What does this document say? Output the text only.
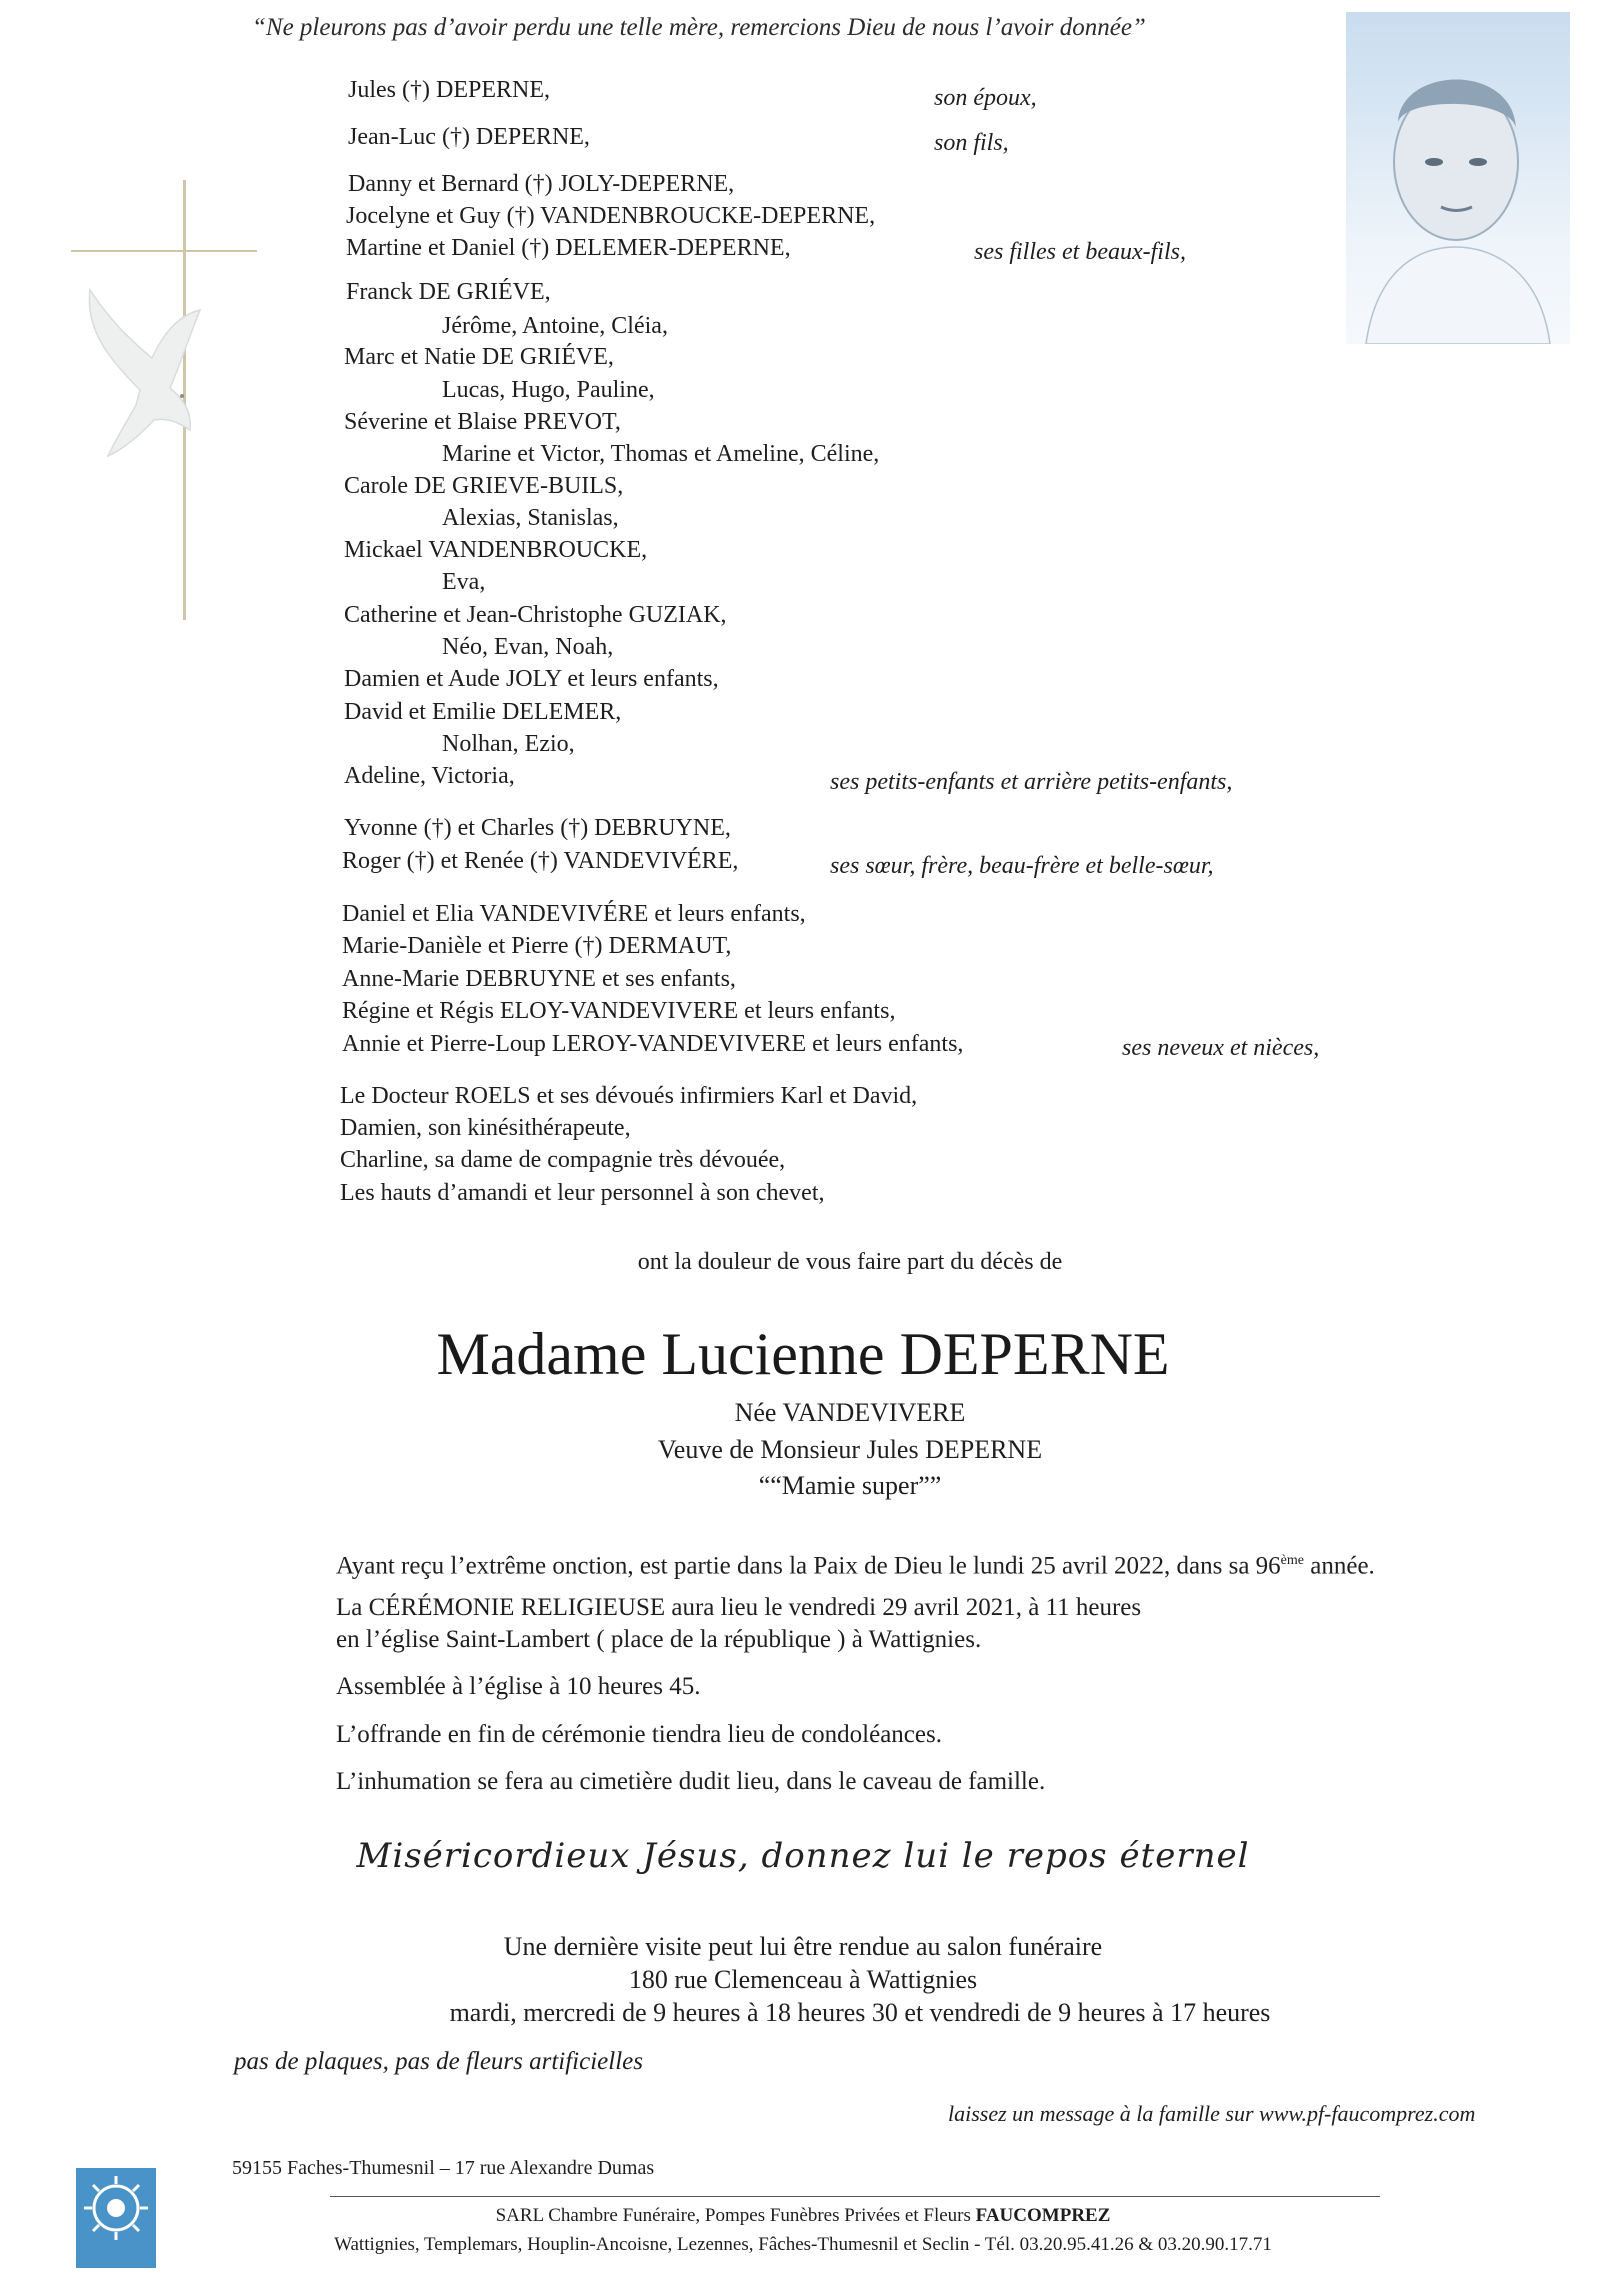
“Ne pleurons pas d’avoir perdu une telle mère, remercions Dieu de nous l’avoir donnée”
Jules (†) DEPERNE,	son époux,
Jean-Luc (†) DEPERNE,	son fils,
Danny et Bernard (†) JOLY-DEPERNE,
Jocelyne et Guy (†) VANDENBROUCKE-DEPERNE,
Martine et Daniel (†) DELEMER-DEPERNE,	ses filles et beaux-fils,
Franck DE GRIÉVE,
Jérôme, Antoine, Cléia,
Marc et Natie DE GRIÉVE,
Lucas, Hugo, Pauline,
Séverine et Blaise PREVOT,
Marine et Victor, Thomas et Ameline, Céline,
Carole DE GRIEVE-BUILS,
Alexias, Stanislas,
Mickael VANDENBROUCKE,
Eva,
Catherine et Jean-Christophe GUZIAK,
Néo, Evan, Noah,
Damien et Aude JOLY et leurs enfants,
David et Emilie DELEMER,
Nolhan, Ezio,
Adeline, Victoria,	ses petits-enfants et arrière petits-enfants,
Yvonne (†) et Charles (†) DEBRUYNE,
Roger (†) et Renée (†) VANDEVIVÉRE,	ses sœur, frère, beau-frère et belle-sœur,
Daniel et Elia VANDEVIVÉRE et leurs enfants,
Marie-Danièle et Pierre (†) DERMAUT,
Anne-Marie DEBRUYNE et ses enfants,
Régine et Régis ELOY-VANDEVIVERE et leurs enfants,
Annie et Pierre-Loup LEROY-VANDEVIVERE et leurs enfants,	ses neveux et nièces,
Le Docteur ROELS et ses dévoués infirmiers Karl et David,
Damien, son kinésithérapeute,
Charline, sa dame de compagnie très dévouée,
Les hauts d’amandi et leur personnel à son chevet,
ont la douleur de vous faire part du décès de
Madame Lucienne DEPERNE
Née VANDEVIVERE
Veuve de Monsieur Jules DEPERNE
““Mamie super””
Ayant reçu l’extrême onction, est partie dans la Paix de Dieu le lundi 25 avril 2022, dans sa 96ème année.
La CÉRÉMONIE RELIGIEUSE aura lieu le vendredi 29 avril 2021, à 11 heures
en l’église Saint-Lambert ( place de la république ) à Wattignies.
Assemblée à l’église à 10 heures 45.
L’offrande en fin de cérémonie tiendra lieu de condoléances.
L’inhumation se fera au cimetière dudit lieu, dans le caveau de famille.
Miséricordieux Jésus, donnez lui le repos éternel
Une dernière visite peut lui être rendue au salon funéraire
180 rue Clemenceau à Wattignies
mardi, mercredi de 9 heures à 18 heures 30 et vendredi de 9 heures à 17 heures
pas de plaques, pas de fleurs artificielles
laissez un message à la famille sur www.pf-faucomprez.com
59155 Faches-Thumesnil – 17 rue Alexandre Dumas
SARL Chambre Funéraire, Pompes Funèbres Privées et Fleurs FAUCOMPREZ
Wattignies, Templemars, Houplin-Ancoisne, Lezennes, Fâches-Thumesnil et Seclin - Tél. 03.20.95.41.26 & 03.20.90.17.71
